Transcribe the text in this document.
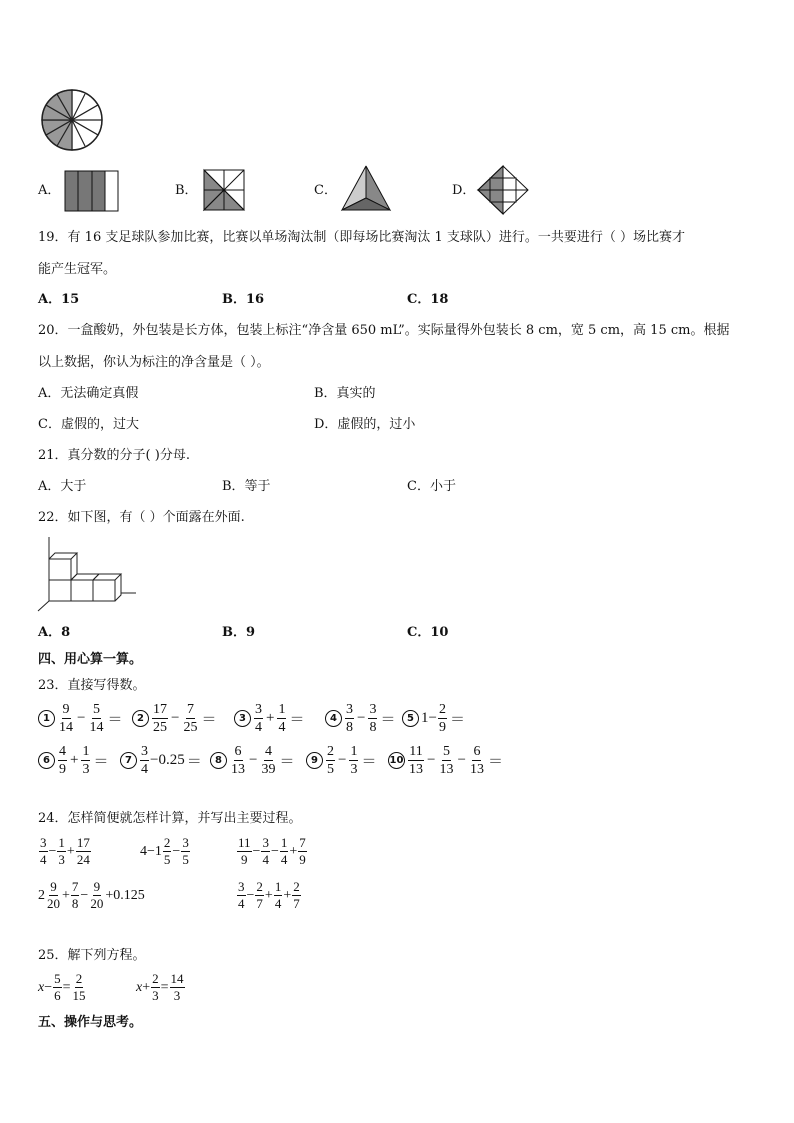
A．	B．	C．	D．
19．有 16 支足球队参加比赛，比赛以单场淘汰制（即每场比赛淘汰 1 支球队）进行。一共要进行（ ）场比赛才
能产生冠军。
A．15	B．16	C．18
20．一盒酸奶，外包装是长方体，包装上标注“净含量 650 mL”。实际量得外包装长 8 cm，宽 5 cm，高 15 cm。根据
以上数据，你认为标注的净含量是（ ）。
A．无法确定真假	B．真实的
C．虚假的，过大	D．虚假的，过小
21．真分数的分子( )分母.
A．大于	B．等于	C．小于
22．如下图，有（ ）个面露在外面.
A．8	B．9	C．10
四、用心算一算。
23．直接写得数。
$1 \frac{9}{14} - \frac{5}{14}$ ＝	$2 \frac{17}{25} - \frac{7}{25}$ ＝	$3 \frac{3}{4} + \frac{1}{4}$ ＝	$4 \frac{3}{8} - \frac{3}{8}$ ＝	5 $1- \frac{2}{9}$ ＝
$6 \frac{4}{9} + \frac{1}{3}$ ＝	$7 \frac{3}{4} -0.25$ ＝	$8 \frac{6}{13} - \frac{4}{39}$ ＝	$9 \frac{2}{5} - \frac{1}{3} = 10 \frac{11}{13} - \frac{5}{13} - \frac{6}{13}$ ＝
24．怎样简便就怎样计算，并写出主要过程。
$\frac{3}{4} - \frac{1}{3} + \frac{17}{24}$	$4-1 \frac{2}{5} - \frac{3}{5}$	$\frac{11}{9} - \frac{3}{4} - \frac{1}{4} + \frac{7}{9}$
$2 \frac{9}{20} + \frac{7}{8} - \frac{9}{20} +0.125$	$\frac{3}{4} - \frac{2}{7} + \frac{1}{4} + \frac{2}{7}$
25．解下列方程。
$x - \frac{5}{6} = \frac{2}{15}$	$x + \frac{2}{3} = \frac{14}{3}$
五、操作与思考。
